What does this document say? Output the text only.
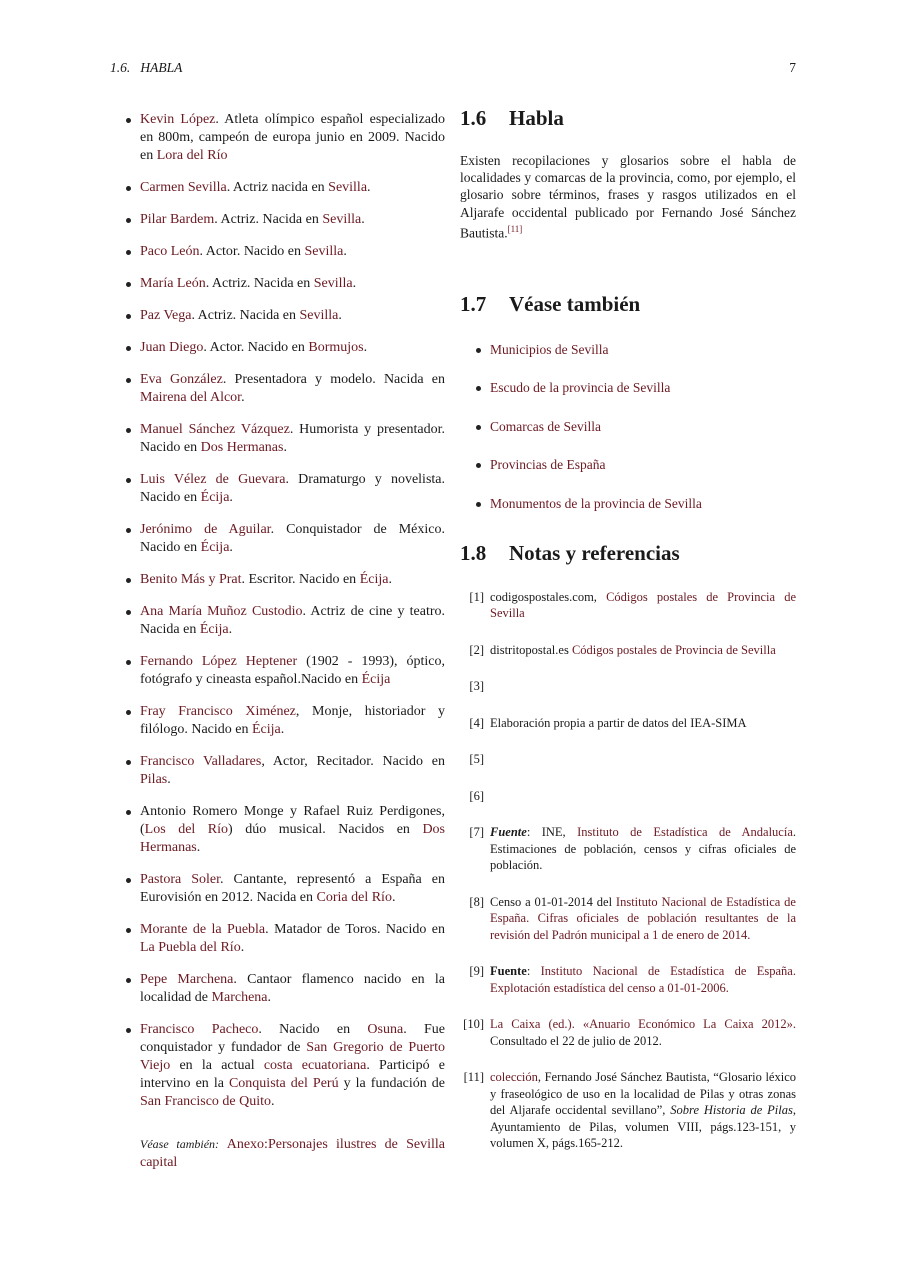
1.6.   HABLA	7
Kevin López. Atleta olímpico español especializado en 800m, campeón de europa junio en 2009. Nacido en Lora del Río
Carmen Sevilla. Actriz nacida en Sevilla.
Pilar Bardem. Actriz. Nacida en Sevilla.
Paco León. Actor. Nacido en Sevilla.
María León. Actriz. Nacida en Sevilla.
Paz Vega. Actriz. Nacida en Sevilla.
Juan Diego. Actor. Nacido en Bormujos.
Eva González. Presentadora y modelo. Nacida en Mairena del Alcor.
Manuel Sánchez Vázquez. Humorista y presentador. Nacido en Dos Hermanas.
Luis Vélez de Guevara. Dramaturgo y novelista. Nacido en Écija.
Jerónimo de Aguilar. Conquistador de México. Nacido en Écija.
Benito Más y Prat. Escritor. Nacido en Écija.
Ana María Muñoz Custodio. Actriz de cine y teatro. Nacida en Écija.
Fernando López Heptener (1902 - 1993), óptico, fotógrafo y cineasta español.Nacido en Écija
Fray Francisco Ximénez, Monje, historiador y filólogo. Nacido en Écija.
Francisco Valladares, Actor, Recitador. Nacido en Pilas.
Antonio Romero Monge y Rafael Ruiz Perdigones, (Los del Río) dúo musical. Nacidos en Dos Hermanas.
Pastora Soler. Cantante, representó a España en Eurovisión en 2012. Nacida en Coria del Río.
Morante de la Puebla. Matador de Toros. Nacido en La Puebla del Río.
Pepe Marchena. Cantaor flamenco nacido en la localidad de Marchena.
Francisco Pacheco. Nacido en Osuna. Fue conquistador y fundador de San Gregorio de Puerto Viejo en la actual costa ecuatoriana. Participó e intervino en la Conquista del Perú y la fundación de San Francisco de Quito.
Véase también: Anexo:Personajes ilustres de Sevilla capital
1.6 Habla
Existen recopilaciones y glosarios sobre el habla de localidades y comarcas de la provincia, como, por ejemplo, el glosario sobre términos, frases y rasgos utilizados en el Aljarafe occidental publicado por Fernando José Sánchez Bautista.[11]
1.7 Véase también
Municipios de Sevilla
Escudo de la provincia de Sevilla
Comarcas de Sevilla
Provincias de España
Monumentos de la provincia de Sevilla
1.8 Notas y referencias
[1] codigospostales.com, Códigos postales de Provincia de Sevilla
[2] distritopostal.es Códigos postales de Provincia de Sevilla
[3]
[4] Elaboración propia a partir de datos del IEA-SIMA
[5]
[6]
[7] Fuente: INE, Instituto de Estadística de Andalucía. Estimaciones de población, censos y cifras oficiales de población.
[8] Censo a 01-01-2014 del Instituto Nacional de Estadística de España. Cifras oficiales de población resultantes de la revisión del Padrón municipal a 1 de enero de 2014.
[9] Fuente: Instituto Nacional de Estadística de España. Explotación estadística del censo a 01-01-2006.
[10] La Caixa (ed.). «Anuario Económico La Caixa 2012». Consultado el 22 de julio de 2012.
[11] colección, Fernando José Sánchez Bautista, “Glosario léxico y fraseológico de uso en la localidad de Pilas y otras zonas del Aljarafe occidental sevillano”, Sobre Historia de Pilas, Ayuntamiento de Pilas, volumen VIII, págs.123-151, y volumen X, págs.165-212.
